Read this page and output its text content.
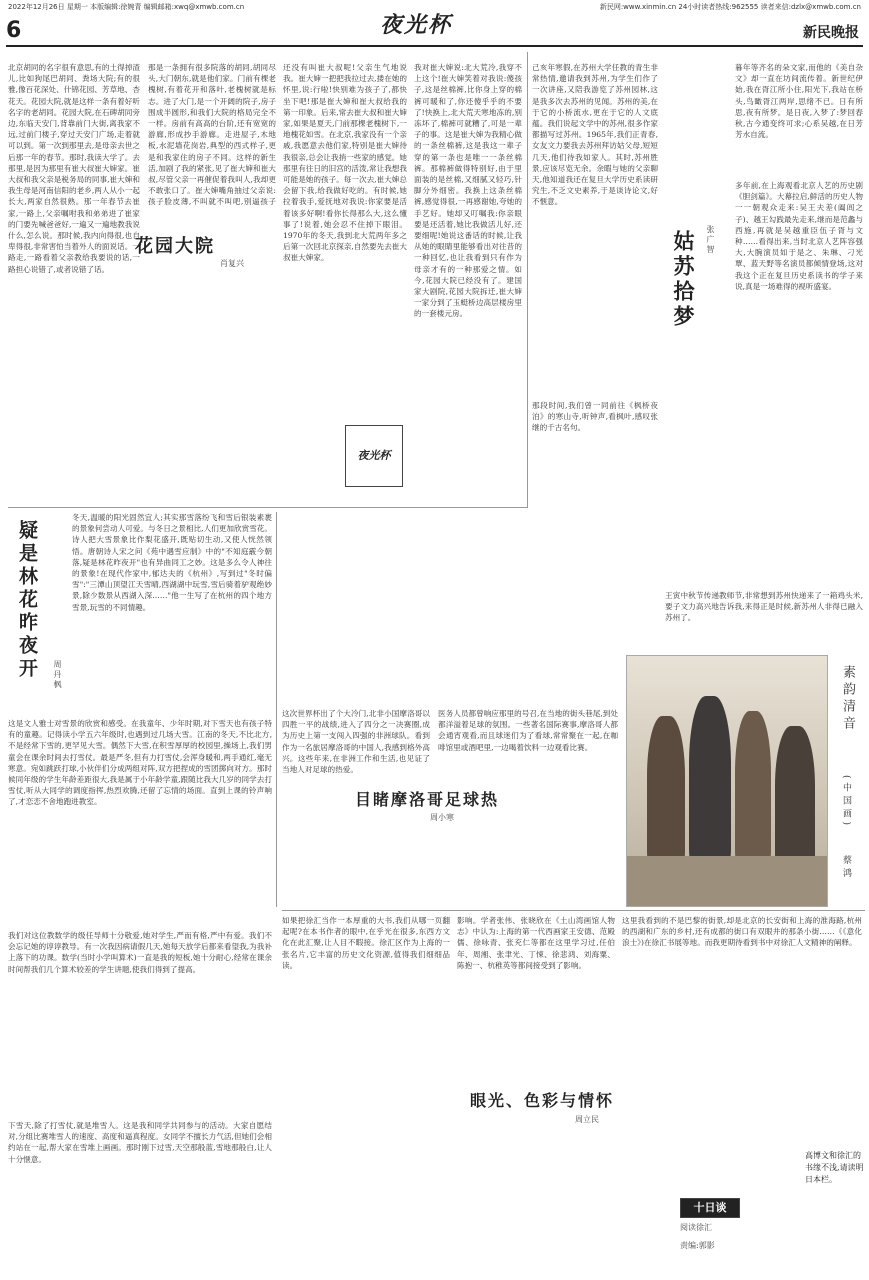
2022年12月26日 星期一 本版编辑:徐婉青 编辑邮箱:xwq@xmwb.com.cn	新民网:www.xinmin.cn 24小时读者热线:962555 读者来信:dzlx@xmwb.com.cn
6	夜光杯	新民晚报
北京胡同的名字很有意思,有的土得掉渣儿,比如狗尾巴胡同、粪场大院;有的很雅,像百花深处、什锦花园、芳草地、杏花天。花园大院,就是这样一条有着好听名字的老胡同。花园大院,在石碑胡同旁边,东临天安门,背靠前门大街,离我家不远,过前门楼子,穿过天安门广场,走着就可以到。第一次到那里去,是母亲去世之后那一年的春节。那时,我读大学了。去那里,是因为那里有崔大叔崔大婶家。崔大叔和我父亲是税务局的同事,崔大婶和我生母是河南信阳的老乡,两人从小一起长大,两家自然很熟。那一年春节去崔家,一路上,父亲嘱咐我和弟弟进了崔家的门要先喊爸爸好,一遍又一遍地教我说什么,怎么说。那时候,我内向得很,也自卑得很,非常害怕当着外人的面说话。一路走,一路看着父亲教给我要说的话,一路担心说错了,或者说错了话。
那是一条拥有很多院落的胡同,胡同尽头,大门朝东,就是他们家。门前有棵老槐树,有着花开和落叶,老槐树就是标志。进了大门,是一个开阔的院子,房子围成半圆形,和我们大院的格局完全不一样。房前有高高的台阶,还有宽宽的游廊,形成抄手游廊。走进屋子,木地板,水泥墙花岗岩,典型的西式样子,更是和我家住的房子不同。这样的新生活,加剧了我的紧张,见了崔大婶和崔大叔,尽管父亲一再催促着我叫人,我却更不敢张口了。崔大婶嘴角抽过父亲说:孩子脸皮薄,不叫就不叫吧,别逼孩子
花园大院
肖复兴
还没有叫崔大叔呢!父亲生气地说我。崔大婶一把把我拉过去,搂在她的怀里,说:行啦!快别难为孩子了,都快坐下吧!那是崔大婶和崔大叔给我的第一印象。后来,常去崔大叔和崔大婶家,如果是夏天,门前那棵老槐树下,一地槐花如雪。在北京,我家没有一个亲戚,我愿意去他们家,特别是崔大婶待我很亲,总会让我捎一些家的感觉。她那里有往日的旧宫的活泼,常让我想我可能是她的孩子。每一次去,崔大婶总会留下我,给我做好吃的。有时候,她拉着我手,爱抚地对我说:你家要是活着该多好啊!看你长得那么大,这么懂事了!说着,她会忍不住掉下眼泪。1970年的冬天,我到北大荒两年多之后第一次回北京探亲,自然要先去崔大叔崔大婶家。
我对崔大婶说:北大荒冷,我穿不上这个!崔大婶笑着对我说:傻孩子,这是丝棉裤,比你身上穿的棉裤可暖和了,你还傻乎乎的不要了!快换上,北大荒天寒地冻的,别冻坏了,棉裤可就糟了,可是一辈子的事。这是崔大婶为我精心做的一条丝棉裤,这是我这一辈子穿的第一条也是唯一一条丝棉裤。那棉裤做得特别好,由于里面装的是丝棉,又细腻又轻巧,针脚分外细密。我换上这条丝棉裤,感觉得很,一再感谢她,夸她的手艺好。她却又叮嘱我:你亲眼要是还活着,她比我做活儿好,还要细呢!她说这番话的时候,让我从她的眼睛里能够看出对往昔的一种回忆,也让我看到只有作为母亲才有的一种那爱之情。如今,花园大院已经没有了。建国家大剧院,花园大院拆迁,崔大婶一家分到了玉蜓桥边高层楼房里的一套楼元房。
夜光杯
己亥年寒假,在苏州大学任教的青生非常热情,邀请我到苏州,为学生们作了一次讲座,又陪我游览了苏州园林,这是我多次去苏州的见闻。苏州的美,在于它的小桥流水,更在于它的人文底蕴。我们说起文学中的苏州,很多作家都描写过苏州。1965年,我们正青春,女友文力要我去苏州拜访姑父母,短短几天,他们待我如家人。其时,苏州胜景,应该尽览无余。余暇与她的父亲聊天,他知道我还在复旦大学历史系读研究生,不乏文史素养,于是谈诗论文,好不惬意。
那段时间,我们曾一同前往《枫桥夜泊》的寒山寺,听钟声,看枫叶,感叹张继的千古名句。
暮年等齐名的朵文家,而他的《美自杂文》却一直在坊间流传着。新世纪伊始,我在胥江所小住,阳光下,我站在桥头,鸟瞰胥江两岸,思绪不已。日有所思,夜有所梦。是日夜,入梦了:梦回春秋,古今通变终可求;心系吴越,在日芳芳水自流。
多年前,在上海观看北京人艺的历史剧《胆剑篇》。大幕拉启,鲜活的历史人物一一朝观众走来:吴王夫差(阖闾之子)、越王勾践最先走来,继而是范蠡与西施,再就是吴越重臣伍子胥与文种……看得出来,当时北京人艺阵容强大,大腕演员如于是之、朱琳、刁光覃、蓝天野等名演员都倾情登场,这对我这个正在复旦历史系读书的学子来说,真是一场难得的视听盛宴。
姑苏拾梦 张广智
王寅中秋节传递教师节,非常想到苏州快递来了一箱鸡头米,要子文力高兴地告诉我,来得正是时候,新苏州人非得已融入苏州了。
素韵清音
(中国画)
蔡鸿
疑是林花昨夜开	周丹枫
冬天,温暖的阳光固然宜人;其实那雪落纷飞和雪后银装素裹的景象何尝动人可爱。与冬日之景相比,人们更加欣赏雪花。诗人把大雪景象比作梨花盛开,既贴切生动,又使人恍然领悟。唐朝诗人宋之问《苑中遇雪应制》中的"不知庭霰今朝落,疑是林花昨夜开"也有异曲同工之妙。这是多么令人神往的景象!在现代作家中,郁达夫的《杭州》,写到过"冬时偏雪":"三潭山顶望江天雪晴,西湖湖中玩雪,雪后骑着驴观绝妙景,除少数景从西湖入深……"他一生写了在杭州的四个地方雪景,玩雪的不同情趣。
这是文人雅士对雪景的欣赏和感受。在我童年、少年时期,对下雪天也有孩子特有的童趣。记得读小学五六年级时,也遇到过几场大雪。江南的冬天,不比北方,不是经常下雪的,更罕见大雪。偶然下大雪,在积雪厚厚的校园里,操场上,我们男童会在课余时间去打雪仗。最是严冬,但有力打雪仗,会浑身暖和,两手通红,毫无寒意。宛如跳跃打球,小伙伴们分成两组对阵,双方把捏成的雪团掷向对方。那时候同年级的学生年龄差距很大,我是属于小年龄学童,跟随比我大几岁的同学去打雪仗,听从大同学的调度指挥,热烈欢腾,还留了忘情的场面。直到上课的铃声响了,才恋恋不舍地跑进教室。
我们对这位教数学的级任导师十分敬爱,她对学生,严而有格,严中有爱。我们不会忘记她的谆谆教导。有一次我因病请假几天,她每天放学后都来看望我,为我补上落下的功课。数学(当时小学叫算术)一直是我的短板,她十分耐心,经常在课余时间帮我们几个算术较差的学生讲题,使我们得到了提高。
下雪天,除了打雪仗,就是堆雪人。这是我和同学共同参与的活动。大家自愿结对,分组比赛堆雪人的速度、高度和逼真程度。女同学不擅长力气活,但她们会相约站在一起,帮大家在雪堆上画画。那时刚下过雪,天空那般蓝,雪地那般白,让人十分惬意。
这次世界杯出了个大冷门,北非小国摩洛哥以四胜一平的战绩,进入了四分之一决赛圈,成为历史上第一支闯入四强的非洲球队。看到作为一名旅居摩洛哥的中国人,我感到格外高兴。这些年来,在非洲工作和生活,也见证了当地人对足球的热爱。
目睹摩洛哥足球热
周小寒
医务人员都曾响应那里的号召,在当地的街头巷尾,到处都洋溢着足球的氛围。一些著名国际赛事,摩洛哥人都会通宵观看,而且球迷们为了看球,常常聚在一起,在咖啡馆里或酒吧里,一边喝着饮料一边观看比赛。
如果把徐汇当作一本厚重的大书,我们从哪一页翻起呢?在本书作者的眼中,在乎光在很多,东西方文化在此汇聚,让人目不暇接。徐汇区作为上海的一张名片,它丰富的历史文化资源,值得我们细细品读。
影响。学者张伟、张晓欣在《土山湾画馆人物志》中认为:上海的第一代西画家王安德、范殿儒、徐咏青、张充仁等都在这里学习过,任伯年、周湘、张聿光、丁悚、徐悲鸿、刘海粟、陈抱一、杭稚英等都间接受到了影响。
眼光、色彩与情怀
周立民
这里我看到的不是巴黎的街景,却是北京的长安街和上海的淮海路,杭州的西湖和广东的乡村,还有成都的街口有双眼井的那条小街……《《意化浪士》)在徐汇书展等地。而我更期待看到书中对徐汇人文精神的阐释。
十日谈
阅读徐汇
责编:郭影
高博文和徐汇的书缘不浅,请读明日本栏。
